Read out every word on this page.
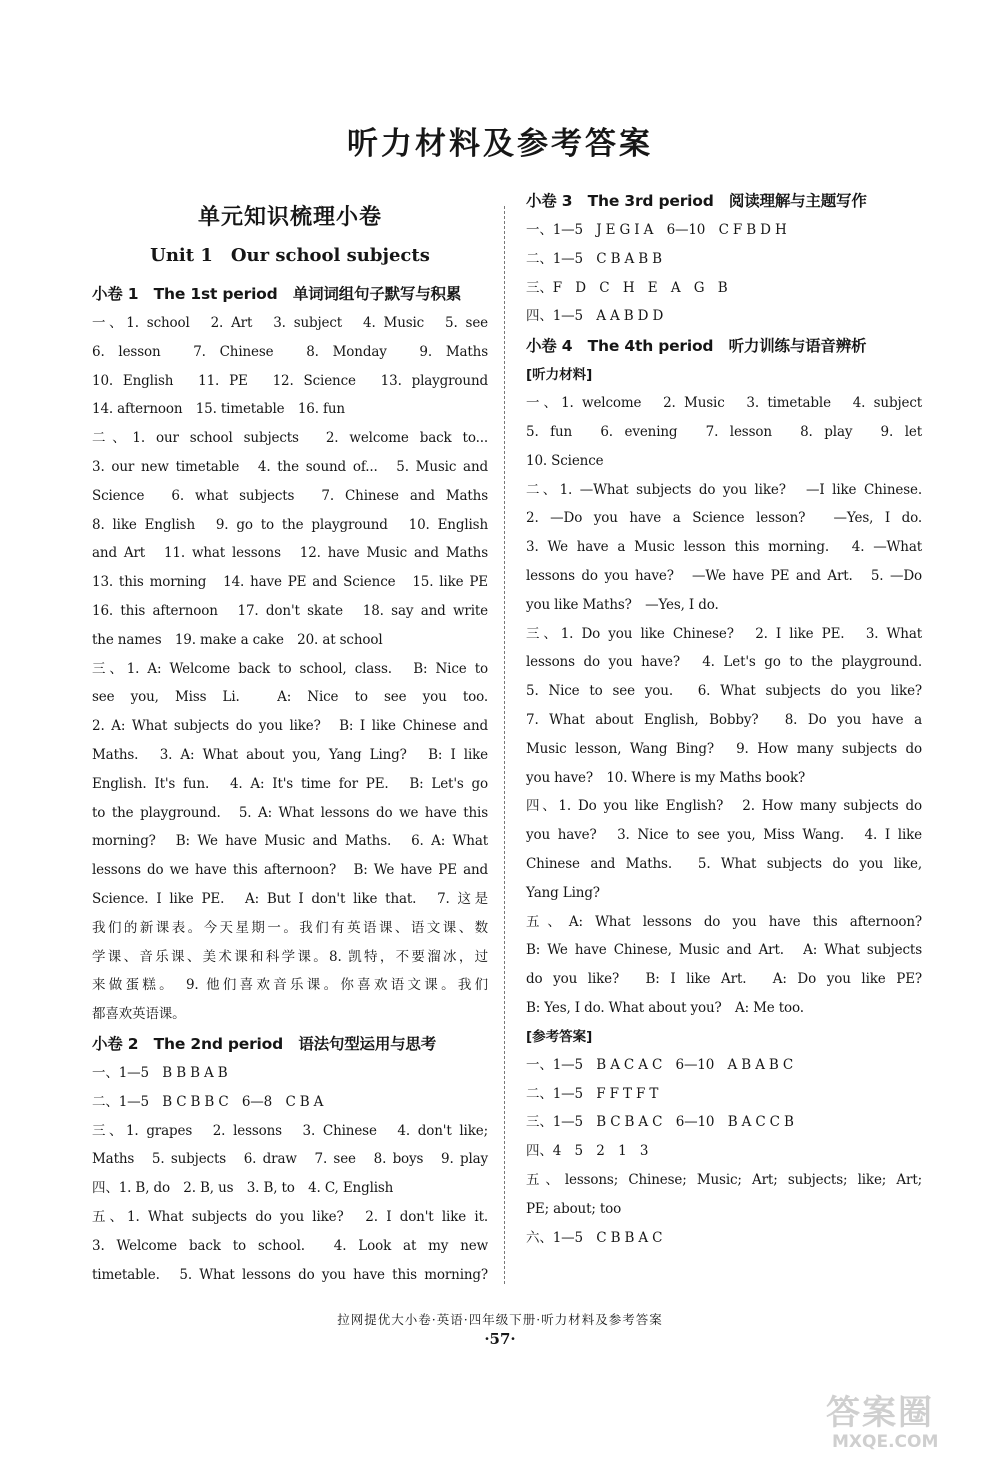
听力材料及参考答案
单元知识梳理小卷
Unit 1　Our school subjects
小卷 1　The 1st period　单词词组句子默写与积累
一、1. school　2. Art　3. subject　4. Music　5. see
6. lesson　7. Chinese　8. Monday　9. Maths
10. English　11. PE　12. Science　13. playground
14. afternoon　15. timetable　16. fun
二、1. our school subjects　2. welcome back to...
3. our new timetable　4. the sound of...　5. Music and
Science　6. what subjects　7. Chinese and Maths
8. like English　9. go to the playground　10. English
and Art　11. what lessons　12. have Music and Maths
13. this morning　14. have PE and Science　15. like PE
16. this afternoon　17. don't skate　18. say and write
the names　19. make a cake　20. at school
三、1. A: Welcome back to school, class.　B: Nice to
see you, Miss Li.　A: Nice to see you too.
2. A: What subjects do you like?　B: I like Chinese and
Maths.　3. A: What about you, Yang Ling?　B: I like
English. It's fun.　4. A: It's time for PE.　B: Let's go
to the playground.　5. A: What lessons do we have this
morning?　B: We have Music and Maths.　6. A: What
lessons do we have this afternoon?　B: We have PE and
Science. I like PE.　A: But I don't like that.　7. 这是
我们的新课表。今天星期一。我们有英语课、语文课、数
学课、音乐课、美术课和科学课。8. 凯特，不要溜冰，过
来做蛋糕。　9. 他们喜欢音乐课。你喜欢语文课。我们
都喜欢英语课。
小卷 2　The 2nd period　语法句型运用与思考
一、1—5　B B B A B
二、1—5　B C B B C　6—8　C B A
三、1. grapes　2. lessons　3. Chinese　4. don't like;
Maths　5. subjects　6. draw　7. see　8. boys　9. play
四、1. B, do　2. B, us　3. B, to　4. C, English
五、1. What subjects do you like?　2. I don't like it.
3. Welcome back to school.　4. Look at my new
timetable.　5. What lessons do you have this morning?
小卷 3　The 3rd period　阅读理解与主题写作
一、1—5　J E G I A　6—10　C F B D H
二、1—5　C B A B B
三、F　D　C　H　E　A　G　B
四、1—5　A A B D D
小卷 4　The 4th period　听力训练与语音辨析
[听力材料]
一、1. welcome　2. Music　3. timetable　4. subject
5. fun　6. evening　7. lesson　8. play　9. let
10. Science
二、1. —What subjects do you like?　—I like Chinese.
2. —Do you have a Science lesson?　—Yes, I do.
3. We have a Music lesson this morning.　4. —What
lessons do you have?　—We have PE and Art.　5. —Do
you like Maths?　—Yes, I do.
三、1. Do you like Chinese?　2. I like PE.　3. What
lessons do you have?　4. Let's go to the playground.
5. Nice to see you.　6. What subjects do you like?
7. What about English, Bobby?　8. Do you have a
Music lesson, Wang Bing?　9. How many subjects do
you have?　10. Where is my Maths book?
四、1. Do you like English?　2. How many subjects do
you have?　3. Nice to see you, Miss Wang.　4. I like
Chinese and Maths.　5. What subjects do you like,
Yang Ling?
五、A: What lessons do you have this afternoon?
B: We have Chinese, Music and Art.　A: What subjects
do you like?　B: I like Art.　A: Do you like PE?
B: Yes, I do. What about you?　A: Me too.
[参考答案]
一、1—5　B A C A C　6—10　A B A B C
二、1—5　F F T F T
三、1—5　B C B A C　6—10　B A C C B
四、4　5　2　1　3
五、lessons; Chinese; Music; Art; subjects; like; Art;
PE; about; too
六、1—5　C B B A C
拉网提优大小卷·英语·四年级下册·听力材料及参考答案
·57·
答案圈
MXQE.COM
